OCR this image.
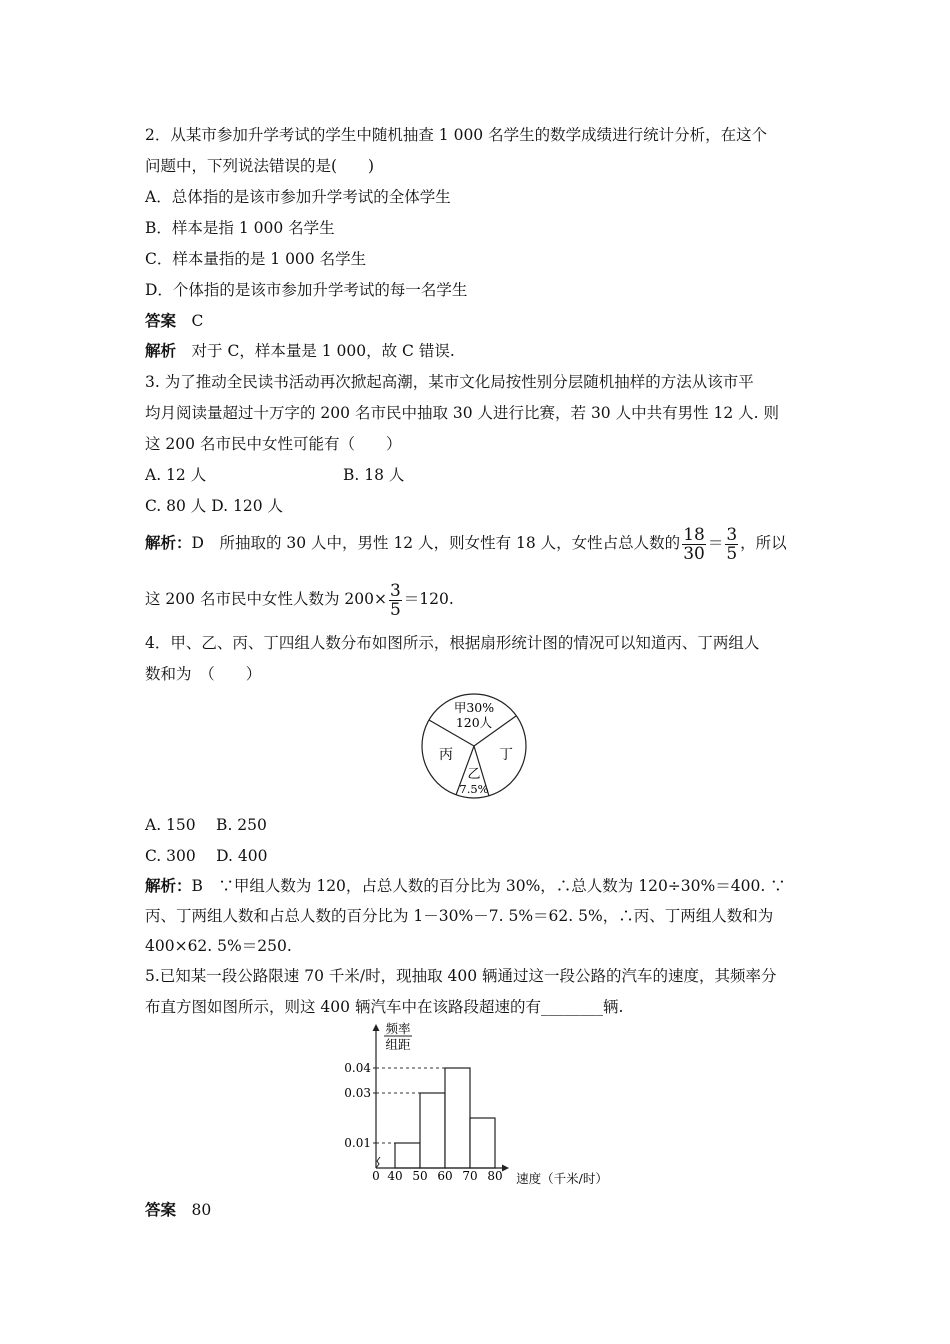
2．从某市参加升学考试的学生中随机抽查 1 000 名学生的数学成绩进行统计分析，在这个
问题中，下列说法错误的是(　　)
A．总体指的是该市参加升学考试的全体学生
B．样本是指 1 000 名学生
C．样本量指的是 1 000 名学生
D．个体指的是该市参加升学考试的每一名学生
答案　 C
解析　 对于 C，样本量是 1 000，故 C 错误.
3. 为了推动全民读书活动再次掀起高潮，某市文化局按性别分层随机抽样的方法从该市平
均月阅读量超过十万字的 200 名市民中抽取 30 人进行比赛，若 30 人中共有男性 12 人. 则
这 200 名市民中女性可能有（　　）
A. 12 人	B. 18 人
C. 80 人 D. 120 人
解析：D　所抽取的 30 人中，男性 12 人，则女性有 18 人，女性占总人数的 $\frac{18}{30} = \frac{3}{5}$ ，所以
这 200 名市民中女性人数为 $200\times \frac{3}{5} =120$.
4．甲、乙、丙、丁四组人数分布如图所示，根据扇形统计图的情况可以知道丙、丁两组人
数和为　（　　）
甲30%
120人
丙	丁
乙
7.5%
A. 150　 B. 250
C. 300　 D. 400
解析：B　∵甲组人数为 120，占总人数的百分比为 30%，∴总人数为 120÷30%＝400. ∵
丙、丁两组人数和占总人数的百分比为 1－30%－7. 5%＝62. 5%，∴丙、丁两组人数和为
400×62. 5%＝250.
5.已知某一段公路限速 70 千米/时，现抽取 400 辆通过这一段公路的汽车的速度，其频率分
布直方图如图所示，则这 400 辆汽车中在该路段超速的有________辆.
频率
组距
0 40 50 60 70 80
0.01
0.03
0.04
速度（千米/时）
答案　 80
